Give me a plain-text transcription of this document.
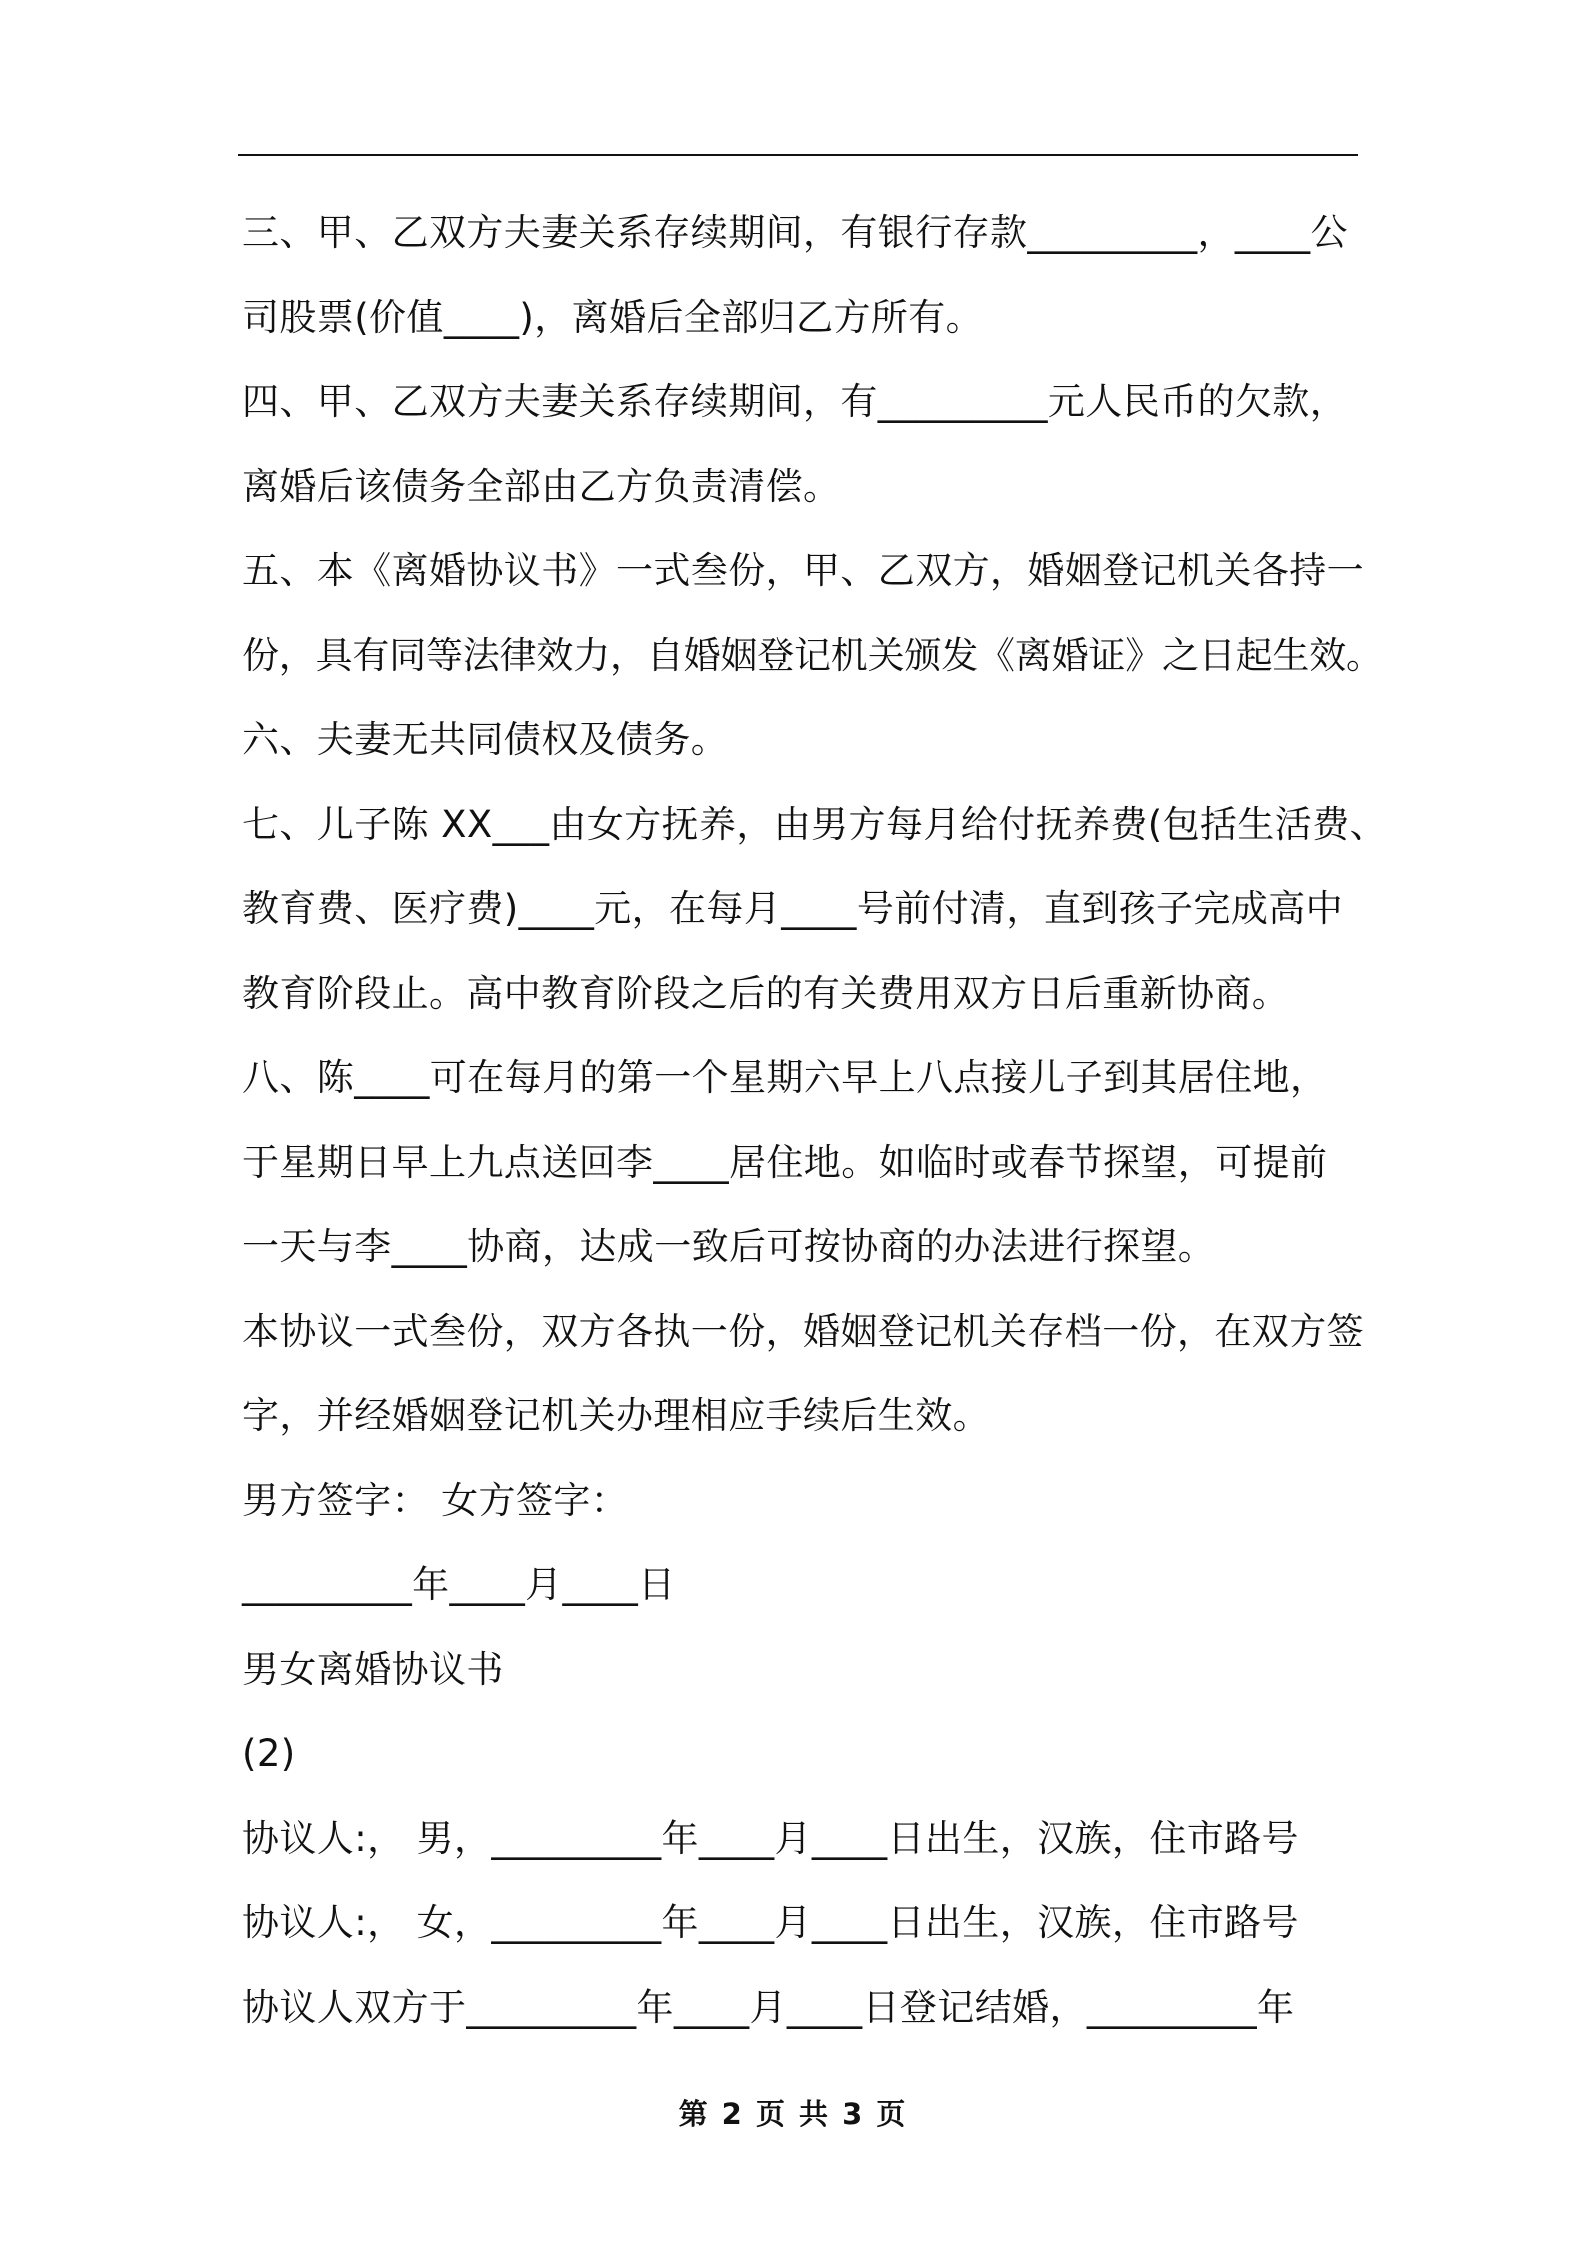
三、甲、乙双方夫妻关系存续期间，有银行存款_________，____公
司股票(价值____)，离婚后全部归乙方所有。
四、甲、乙双方夫妻关系存续期间，有_________元人民币的欠款，
离婚后该债务全部由乙方负责清偿。
五、本《离婚协议书》一式叁份，甲、乙双方，婚姻登记机关各持一
份，具有同等法律效力，自婚姻登记机关颁发《离婚证》之日起生效。
六、夫妻无共同债权及债务。
七、儿子陈 XX___由女方抚养，由男方每月给付抚养费(包括生活费、
教育费、医疗费)____元，在每月____号前付清，直到孩子完成高中
教育阶段止。高中教育阶段之后的有关费用双方日后重新协商。
八、陈____可在每月的第一个星期六早上八点接儿子到其居住地，
于星期日早上九点送回李____居住地。如临时或春节探望，可提前
一天与李____协商，达成一致后可按协商的办法进行探望。
本协议一式叁份，双方各执一份，婚姻登记机关存档一份，在双方签
字，并经婚姻登记机关办理相应手续后生效。
男方签字： 女方签字：
_________年____月____日
男女离婚协议书
(2)
协议人:， 男，_________年____月____日出生，汉族，住市路号
协议人:， 女，_________年____月____日出生，汉族，住市路号
协议人双方于_________年____月____日登记结婚，_________年
第 2 页 共 3 页
